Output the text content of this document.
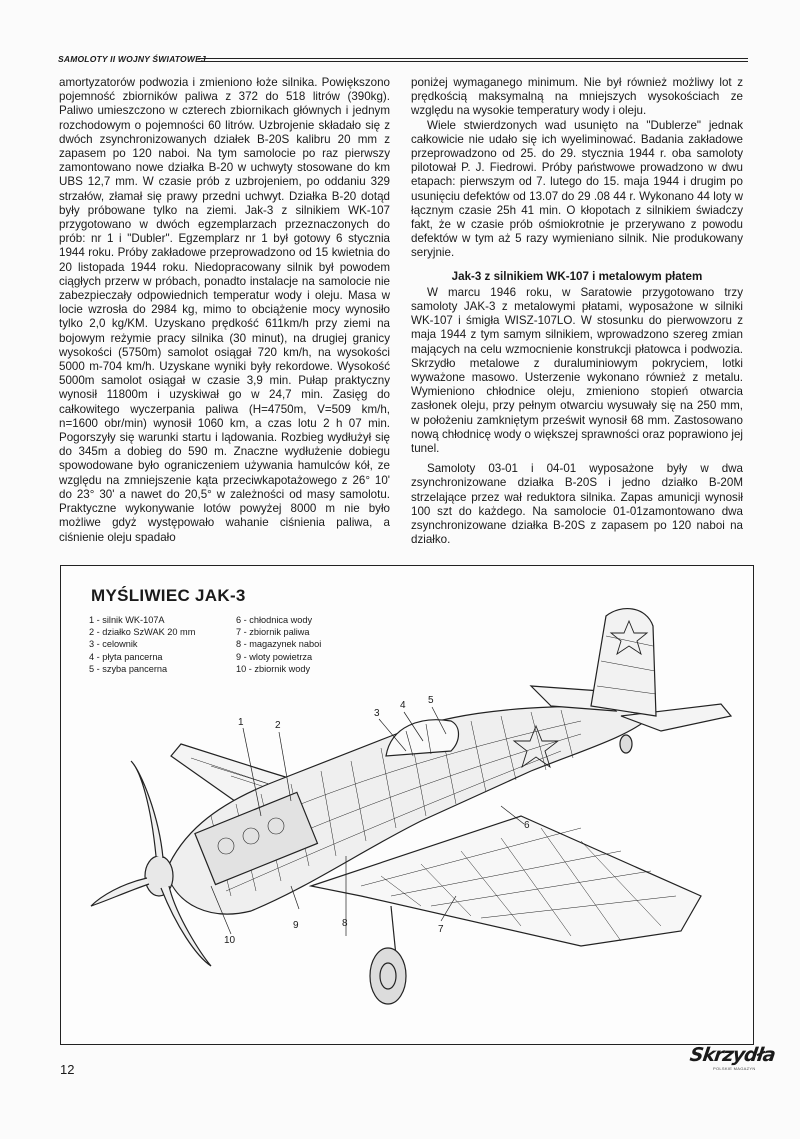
SAMOLOTY II WOJNY ŚWIATOWEJ

amortyzatorów podwozia i zmieniono łoże silnika. Powiększono pojemność zbiorników paliwa z 372 do 518 litrów (390kg). Paliwo umieszczono w czterech zbiornikach głównych i jednym rozchodowym o pojemności 60 litrów. Uzbrojenie składało się z dwóch zsynchronizowanych działek B-20S kalibru 20 mm z zapasem po 120 naboi. Na tym samolocie po raz pierwszy zamontowano nowe działka B-20 w uchwyty stosowane do km UBS 12,7 mm. W czasie prób z uzbrojeniem, po oddaniu 329 strzałów, złamał się prawy przedni uchwyt. Działka B-20 dotąd były próbowane tylko na ziemi. Jak-3 z silnikiem WK-107 przygotowano w dwóch egzemplarzach przeznaczonych do prób: nr 1 i "Dubler". Egzemplarz nr 1 był gotowy 6 stycznia 1944 roku. Próby zakładowe przeprowadzono od 15 kwietnia do 20 listopada 1944 roku. Niedopracowany silnik był powodem ciągłych przerw w próbach, ponadto instalacje na samolocie nie zabezpieczały odpowiednich temperatur wody i oleju. Masa w locie wzrosła do 2984 kg, mimo to obciążenie mocy wynosiło tylko 2,0 kg/KM. Uzyskano prędkość 611km/h przy ziemi na bojowym reżymie pracy silnika (30 minut), na drugiej granicy wysokości (5750m) samolot osiągał 720 km/h, na wysokości 5000 m-704 km/h. Uzyskane wyniki były rekordowe. Wysokość 5000m samolot osiągał w czasie 3,9 min. Pułap praktyczny wynosił 11800m i uzyskiwał go w 24,7 min. Zasięg do całkowitego wyczerpania paliwa (H=4750m, V=509 km/h, n=1600 obr/min) wynosił 1060 km, a czas lotu 2 h 07 min. Pogorszyły się warunki startu i lądowania. Rozbieg wydłużył się do 345m a dobieg do 590 m. Znaczne wydłużenie dobiegu spowodowane było ograniczeniem używania hamulców kół, ze względu na zmniejszenie kąta przeciwkapotażowego z 26° 10' do 23° 30' a nawet do 20,5° w zależności od masy samolotu. Praktyczne wykonywanie lotów powyżej 8000 m nie było możliwe gdyż występowało wahanie ciśnienia paliwa, a ciśnienie oleju spadało

poniżej wymaganego minimum. Nie był również możliwy lot z prędkością maksymalną na mniejszych wysokościach ze względu na wysokie temperatury wody i oleju.

Wiele stwierdzonych wad usunięto na "Dublerze" jednak całkowicie nie udało się ich wyeliminować. Badania zakładowe przeprowadzono od 25. do 29. stycznia 1944 r. oba samoloty pilotował P. J. Fiedrowi. Próby państwowe prowadzono w dwu etapach: pierwszym od 7. lutego do 15. maja 1944 i drugim po usunięciu defektów od 13.07 do 29 .08 44 r. Wykonano 44 loty w łącznym czasie 25h 41 min. O kłopotach z silnikiem świadczy fakt, że w czasie prób ośmiokrotnie je przerywano z powodu defektów w tym aż 5 razy wymieniano silnik. Nie produkowany seryjnie.

Jak-3 z silnikiem WK-107 i metalowym płatem

W marcu 1946 roku, w Saratowie przygotowano trzy samoloty JAK-3 z metalowymi płatami, wyposażone w silniki WK-107 i śmigła WISZ-107LO. W stosunku do pierwowzoru z maja 1944 z tym samym silnikiem, wprowadzono szereg zmian mających na celu wzmocnienie konstrukcji płatowca i podwozia. Skrzydło metalowe z duraluminiowym pokryciem, lotki wyważone masowo. Usterzenie wykonano również z metalu. Wymieniono chłodnice oleju, zmieniono stopień otwarcia zasłonek oleju, przy pełnym otwarciu wysuwały się na 250 mm, w położeniu zamkniętym prześwit wynosił 68 mm. Zastosowano nową chłodnicę wody o większej sprawności oraz poprawiono jej tunel.

Samoloty 03-01 i 04-01 wyposażone były w dwa zsynchronizowane działka B-20S i jedno działko B-20M strzelające przez wał reduktora silnika. Zapas amunicji wynosił 100 szt do każdego. Na samolocie 01-01zamontowano dwa zsynchronizowane działka B-20S z zapasem po 120 naboi na działko.

MYŚLIWIEC JAK-3
1 - silnik WK-107A
2 - działko SzWAK 20 mm
3 - celownik
4 - płyta pancerna
5 - szyba pancerna
6 - chłodnica wody
7 - zbiornik paliwa
8 - magazynek naboi
9 - wloty powietrza
10 - zbiornik wody
1	2
3
4 5
6
7
8
9
10
12
Skrzydła
POLSKIE MAGAZYN
